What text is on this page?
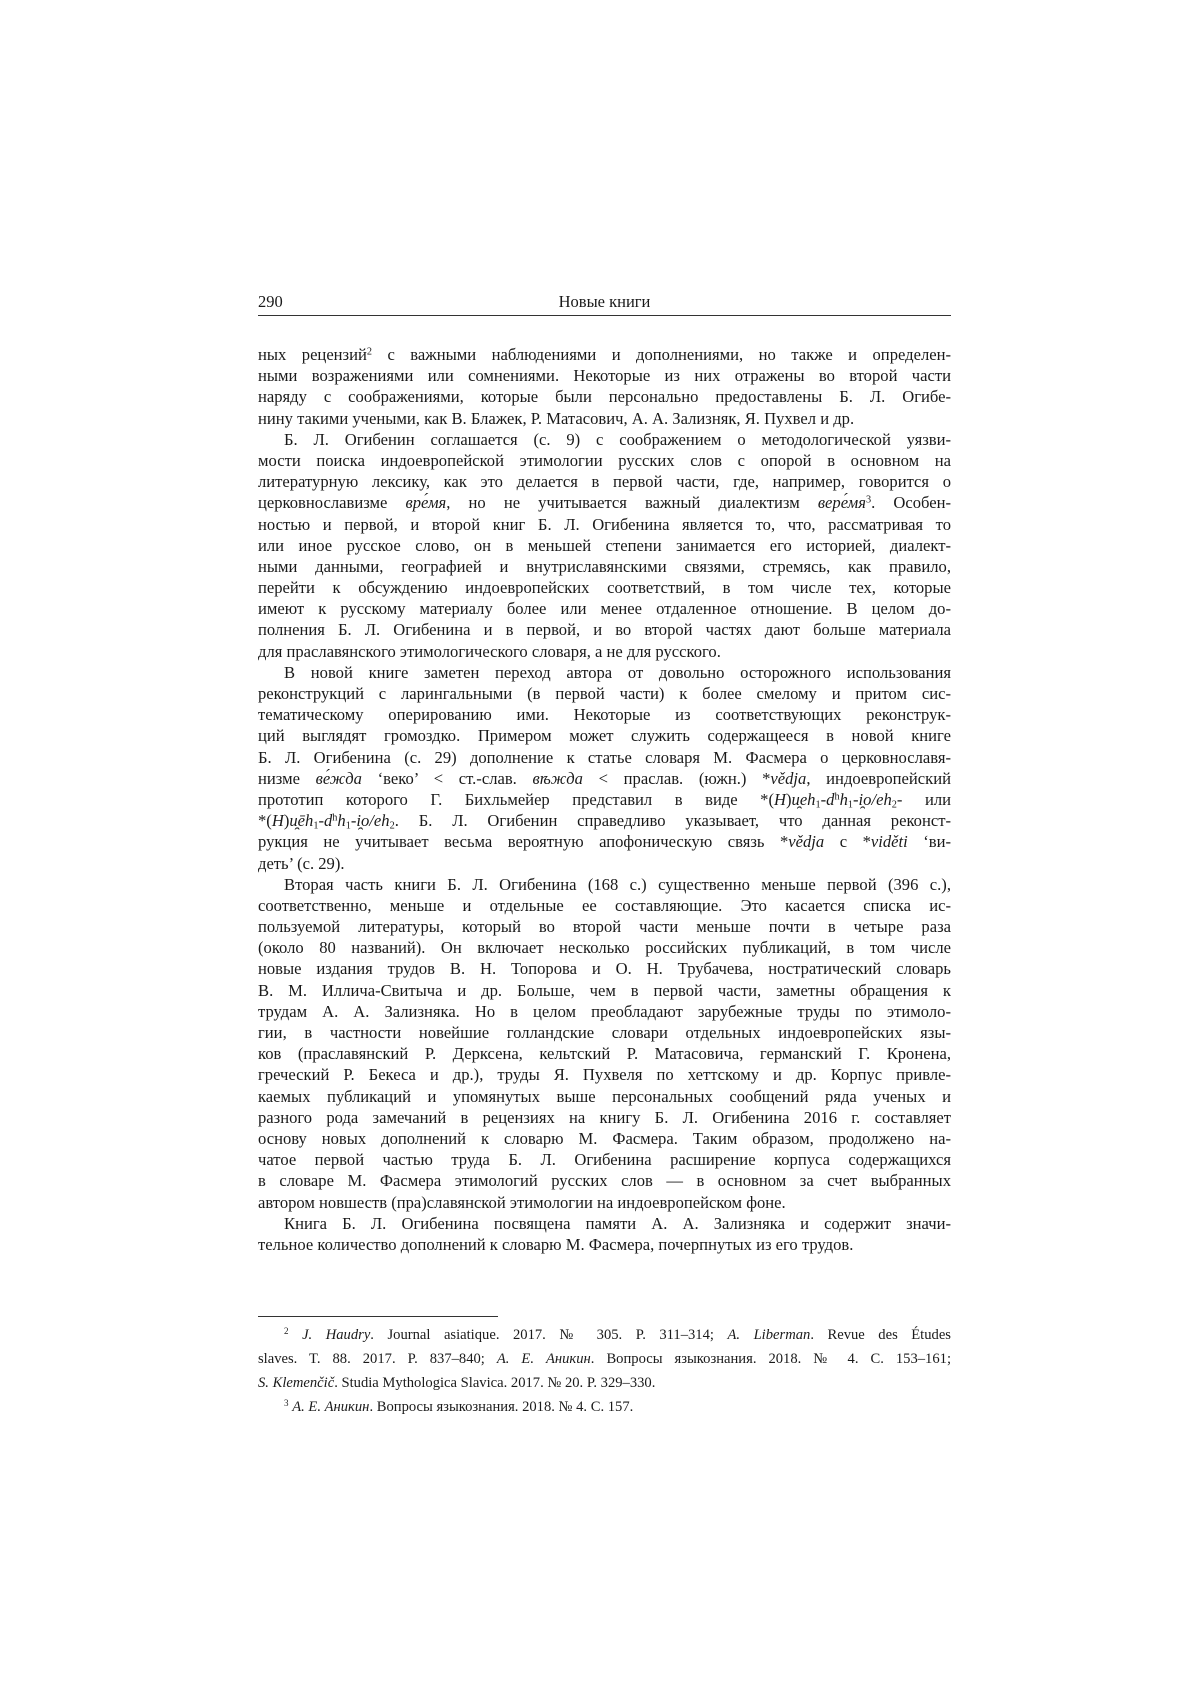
290	Новые книги
ных рецензий$^2$ с важными наблюдениями и дополнениями, но также и определен-
ными возражениями или сомнениями. Некоторые из них отражены во второй части
наряду с соображениями, которые были персонально предоставлены Б. Л. Огибе-
нину такими учеными, как В. Блажек, Р. Матасович, А. А. Зализняк, Я. Пухвел и др.
Б. Л. Огибенин соглашается (с. 9) с соображением о методологической уязви-
мости поиска индоевропейской этимологии русских слов с опорой в основном на
литературную лексику, как это делается в первой части, где, например, говорится о
церковнославизме вре́мя, но не учитывается важный диалектизм $вере́мя^3$. Особен-
ностью и первой, и второй книг Б. Л. Огибенина является то, что, рассматривая то
или иное русское слово, он в меньшей степени занимается его историей, диалект-
ными данными, географией и внутриславянскими связями, стремясь, как правило,
перейти к обсуждению индоевропейских соответствий, в том числе тех, которые
имеют к русскому материалу более или менее отдаленное отношение. В целом до-
полнения Б. Л. Огибенина и в первой, и во второй частях дают больше материала
для праславянского этимологического словаря, а не для русского.
В новой книге заметен переход автора от довольно осторожного использования
реконструкций с ларингальными (в первой части) к более смелому и притом сис-
тематическому оперированию ими. Некоторые из соответствующих реконструк-
ций выглядят громоздко. Примером может служить содержащееся в новой книге
Б. Л. Огибенина (с. 29) дополнение к статье словаря М. Фасмера о церковнославя-
низме ве́жда ‘веко’ < ст.-слав. вѣжда < праслав. (южн.) *vědja, индоевропейский
прототип которого Г. Бихльмейер представил в виде $*(H)u̯eh_1-d^hh_1-i̯o/eh_2-$ или
$*(H)u̯ēh_1-d^hh_1-i̯o/eh_2$. Б. Л. Огибенин справедливо указывает, что данная реконст-
рукция не учитывает весьма вероятную апофоническую связь *vědja с *viděti ‘ви-
деть’ (с. 29).
Вторая часть книги Б. Л. Огибенина (168 с.) существенно меньше первой (396 с.),
соответственно, меньше и отдельные ее составляющие. Это касается списка ис-
пользуемой литературы, который во второй части меньше почти в четыре раза
(около 80 названий). Он включает несколько российских публикаций, в том числе
новые издания трудов В. Н. Топорова и О. Н. Трубачева, ностратический словарь
В. М. Иллича-Свитыча и др. Больше, чем в первой части, заметны обращения к
трудам А. А. Зализняка. Но в целом преобладают зарубежные труды по этимоло-
гии, в частности новейшие голландские словари отдельных индоевропейских язы-
ков (праславянский Р. Дерксена, кельтский Р. Матасовича, германский Г. Кронена,
греческий Р. Бекеса и др.), труды Я. Пухвеля по хеттскому и др. Корпус привле-
каемых публикаций и упомянутых выше персональных сообщений ряда ученых и
разного рода замечаний в рецензиях на книгу Б. Л. Огибенина 2016 г. составляет
основу новых дополнений к словарю М. Фасмера. Таким образом, продолжено на-
чатое первой частью труда Б. Л. Огибенина расширение корпуса содержащихся
в словаре М. Фасмера этимологий русских слов — в основном за счет выбранных
автором новшеств (пра)славянской этимологии на индоевропейском фоне.
Книга Б. Л. Огибенина посвящена памяти А. А. Зализняка и содержит значи-
тельное количество дополнений к словарю М. Фасмера, почерпнутых из его трудов.
$^2$ J. Haudry. Journal asiatique. 2017. № 305. P. 311–314; A. Liberman. Revue des Études
slaves. T. 88. 2017. P. 837–840; А. Е. Аникин. Вопросы языкознания. 2018. № 4. С. 153–161;
S. Klemenčič. Studia Mythologica Slavica. 2017. № 20. P. 329–330.
$^3$ А. Е. Аникин. Вопросы языкознания. 2018. № 4. С. 157.
